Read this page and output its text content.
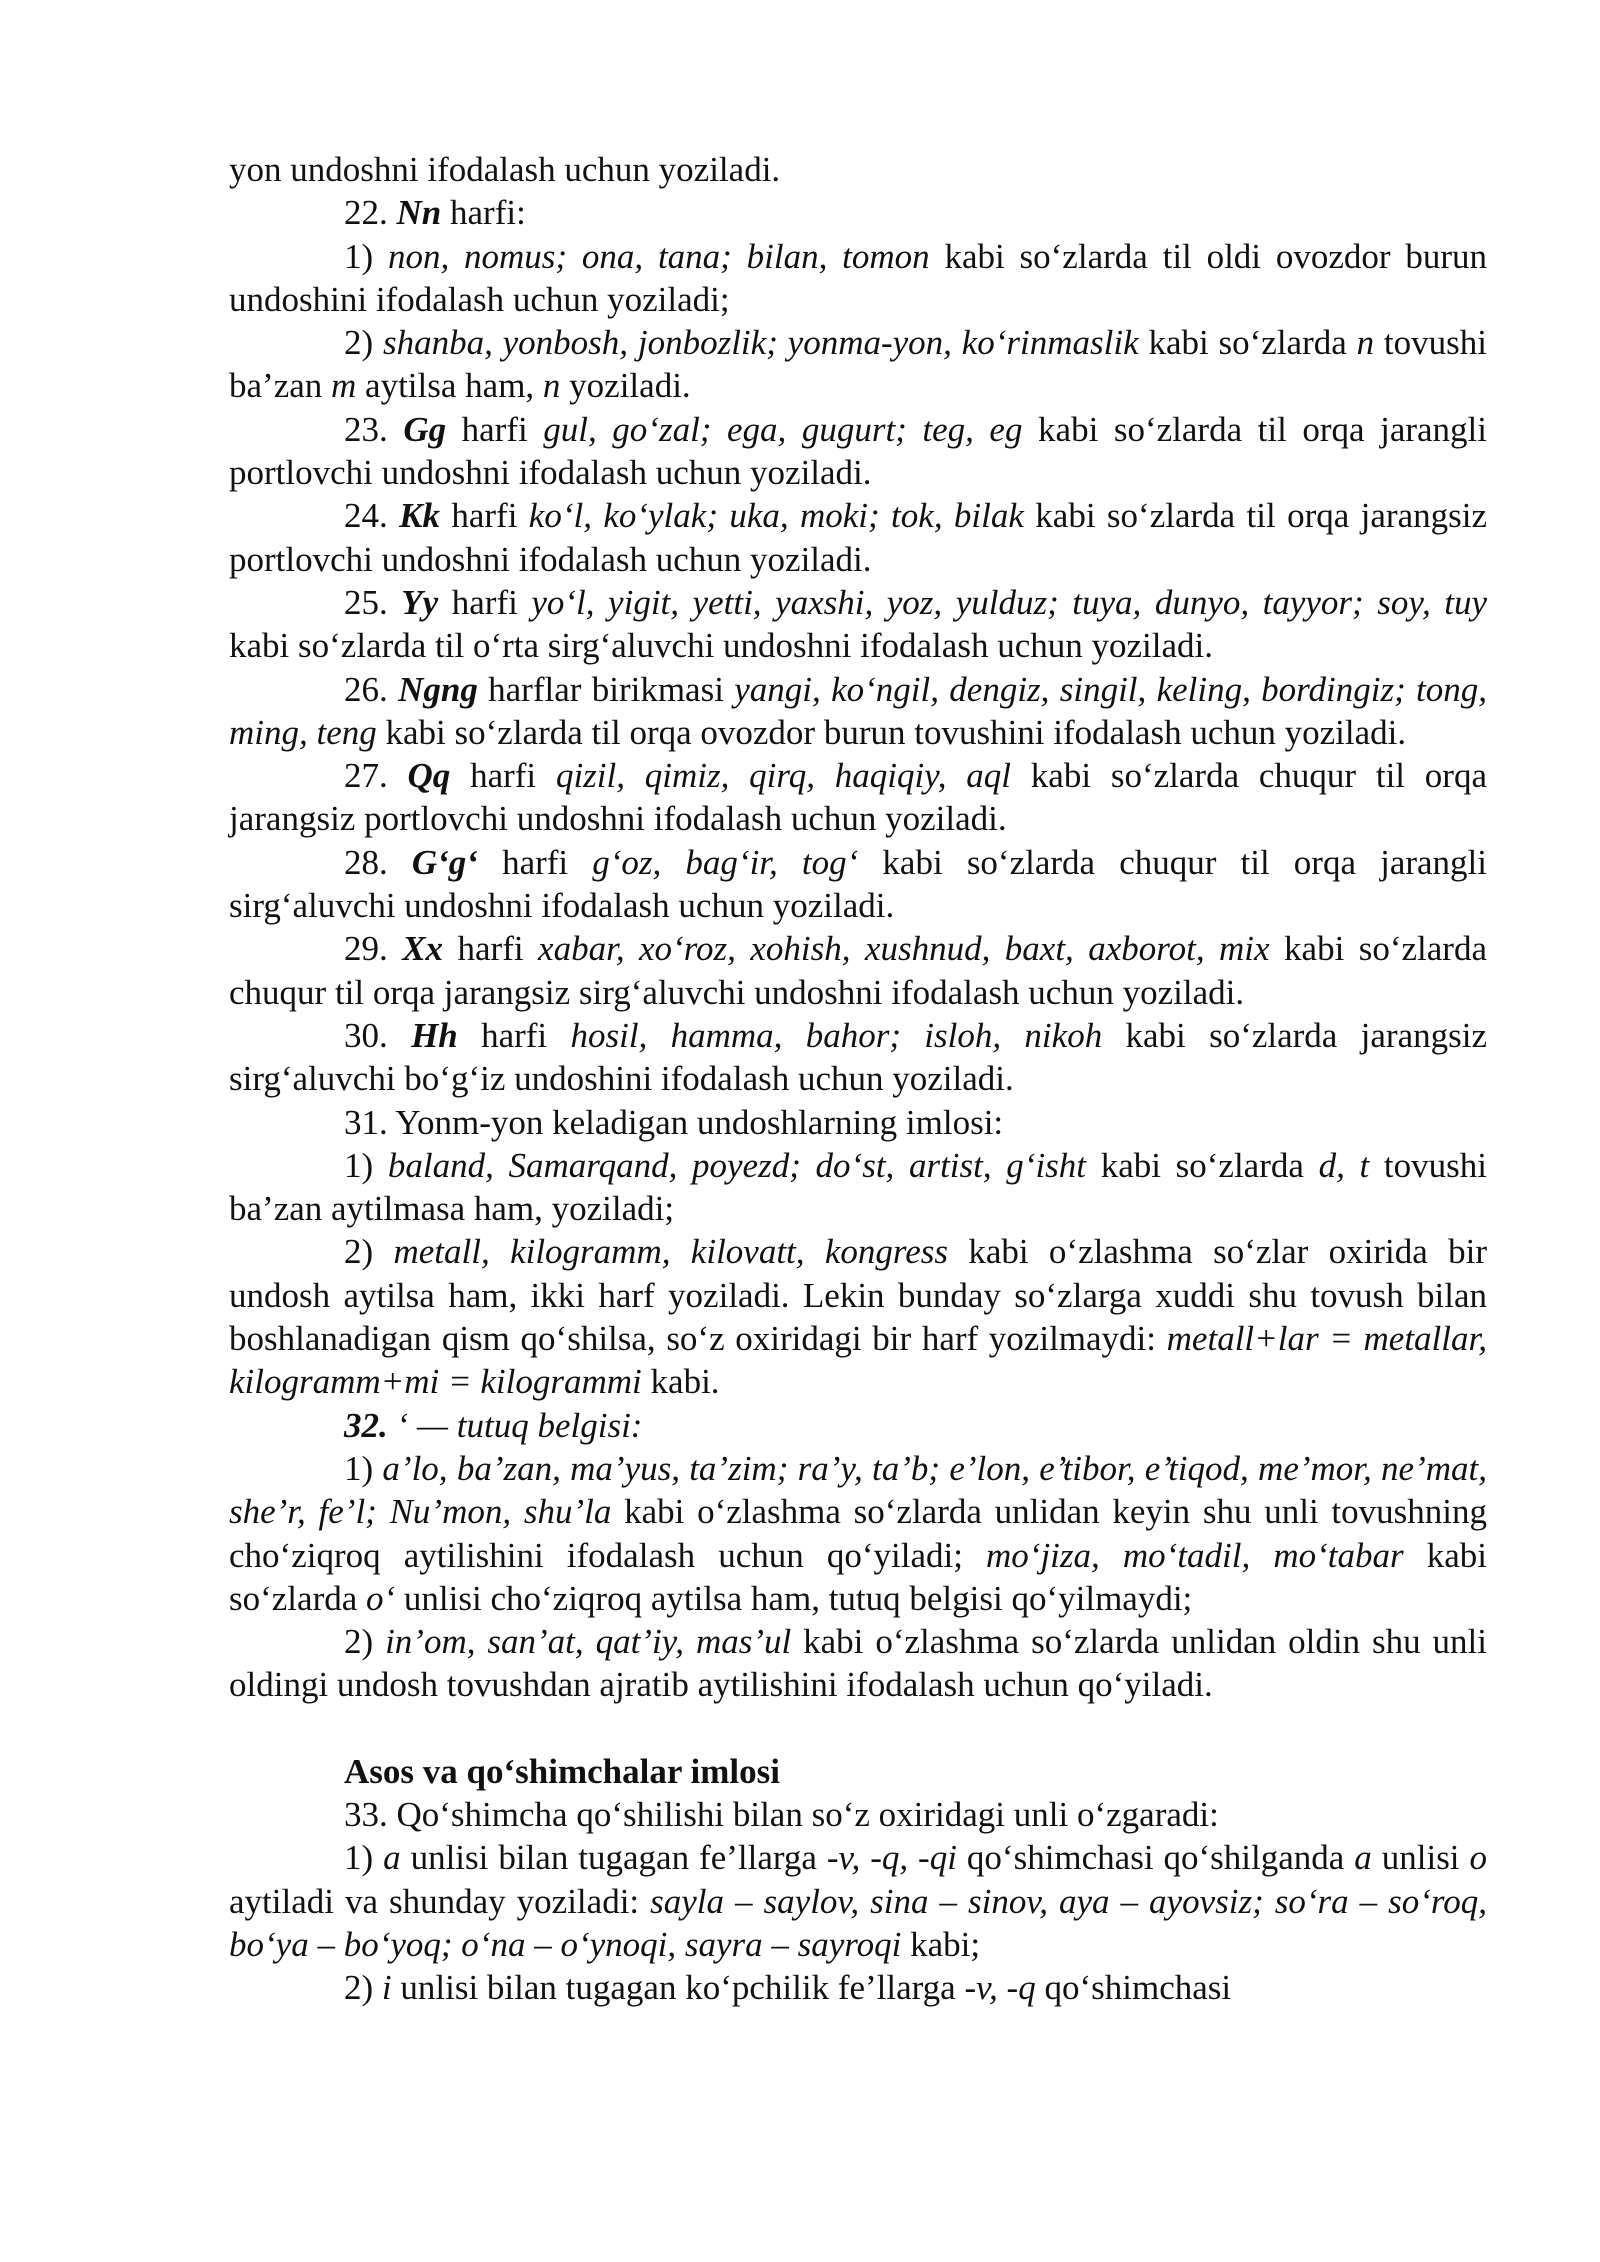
yon undoshni ifodalash uchun yoziladi.

22. Nn harfi:

1) non, nomus; ona, tana; bilan, tomon kabi so‘zlarda til oldi ovozdor burun undoshini ifodalash uchun yoziladi;

2) shanba, yonbosh, jonbozlik; yonma-yon, ko‘rinmaslik kabi so‘zlarda n tovushi ba’zan m aytilsa ham, n yoziladi.

23. Gg harfi gul, go‘zal; ega, gugurt; teg, eg kabi so‘zlarda til orqa jarangli portlovchi undoshni ifodalash uchun yoziladi.

24. Kk harfi ko‘l, ko‘ylak; uka, moki; tok, bilak kabi so‘zlarda til orqa jarangsiz portlovchi undoshni ifodalash uchun yoziladi.

25. Yy harfi yo‘l, yigit, yetti, yaxshi, yoz, yulduz; tuya, dunyo, tayyor; soy, tuy kabi so‘zlarda til o‘rta sirg‘aluvchi undoshni ifodalash uchun yoziladi.

26. Ngng harflar birikmasi yangi, ko‘ngil, dengiz, singil, keling, bordingiz; tong, ming, teng kabi so‘zlarda til orqa ovozdor burun tovushini ifodalash uchun yoziladi.

27. Qq harfi qizil, qimiz, qirq, haqiqiy, aql kabi so‘zlarda chuqur til orqa jarangsiz portlovchi undoshni ifodalash uchun yoziladi.

28. G‘g‘ harfi g‘oz, bag‘ir, tog‘ kabi so‘zlarda chuqur til orqa jarangli sirg‘aluvchi undoshni ifodalash uchun yoziladi.

29. Xx harfi xabar, xo‘roz, xohish, xushnud, baxt, axborot, mix kabi so‘zlarda chuqur til orqa jarangsiz sirg‘aluvchi undoshni ifodalash uchun yoziladi.

30. Hh harfi hosil, hamma, bahor; isloh, nikoh kabi so‘zlarda jarangsiz sirg‘aluvchi bo‘g‘iz undoshini ifodalash uchun yoziladi.

31. Yonm-yon keladigan undoshlarning imlosi:

1) baland, Samarqand, poyezd; do‘st, artist, g‘isht kabi so‘zlarda d, t tovushi ba’zan aytilmasa ham, yoziladi;

2) metall, kilogramm, kilovatt, kongress kabi o‘zlashma so‘zlar oxirida bir undosh aytilsa ham, ikki harf yoziladi. Lekin bunday so‘zlarga xuddi shu tovush bilan boshlanadigan qism qo‘shilsa, so‘z oxiridagi bir harf yozilmaydi: metall+lar = metallar, kilogramm+mi = kilogrammi kabi.

32. ‘ — tutuq belgisi:

1) a’lo, ba’zan, ma’yus, ta’zim; ra’y, ta’b; e’lon, e’tibor, e’tiqod, me’mor, ne’mat, she’r, fe’l; Nu’mon, shu’la kabi o‘zlashma so‘zlarda unlidan keyin shu unli tovushning cho‘ziqroq aytilishini ifodalash uchun qo‘yiladi; mo‘jiza, mo‘tadil, mo‘tabar kabi so‘zlarda o‘ unlisi cho‘ziqroq aytilsa ham, tutuq belgisi qo‘yilmaydi;

2) in’om, san’at, qat’iy, mas’ul kabi o‘zlashma so‘zlarda unlidan oldin shu unli oldingi undosh tovushdan ajratib aytilishini ifodalash uchun qo‘yiladi.

Asos va qo‘shimchalar imlosi

33. Qo‘shimcha qo‘shilishi bilan so‘z oxiridagi unli o‘zgaradi:

1) a unlisi bilan tugagan fe’llarga -v, -q, -qi qo‘shimchasi qo‘shilganda a unlisi o aytiladi va shunday yoziladi: sayla – saylov, sina – sinov, aya – ayovsiz; so‘ra – so‘roq, bo‘ya – bo‘yoq; o‘na – o‘ynoqi, sayra – sayroqi kabi;

2) i unlisi bilan tugagan ko‘pchilik fe’llarga -v, -q qo‘shimchasi
